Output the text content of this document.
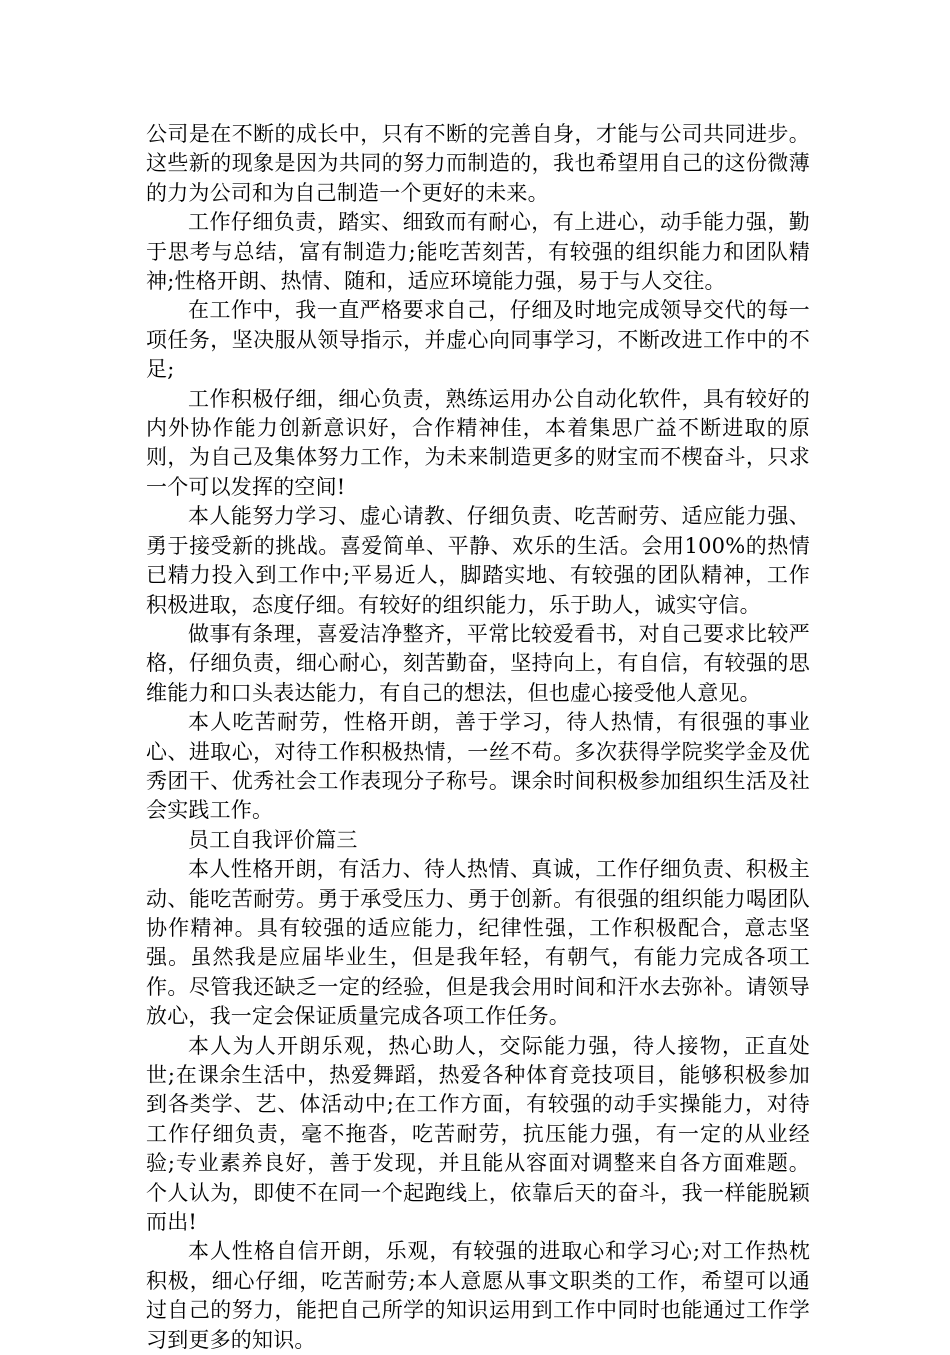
公司是在不断的成长中，只有不断的完善自身，才能与公司共同进步。这些新的现象是因为共同的努力而制造的，我也希望用自己的这份微薄的力为公司和为自己制造一个更好的未来。

工作仔细负责，踏实、细致而有耐心，有上进心，动手能力强，勤于思考与总结，富有制造力;能吃苦刻苦，有较强的组织能力和团队精神;性格开朗、热情、随和，适应环境能力强，易于与人交往。

在工作中，我一直严格要求自己，仔细及时地完成领导交代的每一项任务，坚决服从领导指示，并虚心向同事学习，不断改进工作中的不足;

工作积极仔细，细心负责，熟练运用办公自动化软件，具有较好的内外协作能力创新意识好，合作精神佳，本着集思广益不断进取的原则，为自己及集体努力工作，为未来制造更多的财宝而不楔奋斗，只求一个可以发挥的空间!

本人能努力学习、虚心请教、仔细负责、吃苦耐劳、适应能力强、勇于接受新的挑战。喜爱简单、平静、欢乐的生活。会用100%的热情已精力投入到工作中;平易近人，脚踏实地、有较强的团队精神，工作积极进取，态度仔细。有较好的组织能力，乐于助人，诚实守信。

做事有条理，喜爱洁净整齐，平常比较爱看书，对自己要求比较严格，仔细负责，细心耐心，刻苦勤奋，坚持向上，有自信，有较强的思维能力和口头表达能力，有自己的想法，但也虚心接受他人意见。

本人吃苦耐劳，性格开朗，善于学习，待人热情，有很强的事业心、进取心，对待工作积极热情，一丝不苟。多次获得学院奖学金及优秀团干、优秀社会工作表现分子称号。课余时间积极参加组织生活及社会实践工作。

员工自我评价篇三

本人性格开朗，有活力、待人热情、真诚，工作仔细负责、积极主动、能吃苦耐劳。勇于承受压力、勇于创新。有很强的组织能力喝团队协作精神。具有较强的适应能力，纪律性强，工作积极配合，意志坚强。虽然我是应届毕业生，但是我年轻，有朝气，有能力完成各项工作。尽管我还缺乏一定的经验，但是我会用时间和汗水去弥补。请领导放心，我一定会保证质量完成各项工作任务。

本人为人开朗乐观，热心助人，交际能力强，待人接物，正直处世;在课余生活中，热爱舞蹈，热爱各种体育竞技项目，能够积极参加到各类学、艺、体活动中;在工作方面，有较强的动手实操能力，对待工作仔细负责，毫不拖沓，吃苦耐劳，抗压能力强，有一定的从业经验;专业素养良好，善于发现，并且能从容面对调整来自各方面难题。个人认为，即使不在同一个起跑线上，依靠后天的奋斗，我一样能脱颖而出!

本人性格自信开朗，乐观，有较强的进取心和学习心;对工作热枕积极，细心仔细，吃苦耐劳;本人意愿从事文职类的工作，希望可以通过自己的努力，能把自己所学的知识运用到工作中同时也能通过工作学习到更多的知识。
